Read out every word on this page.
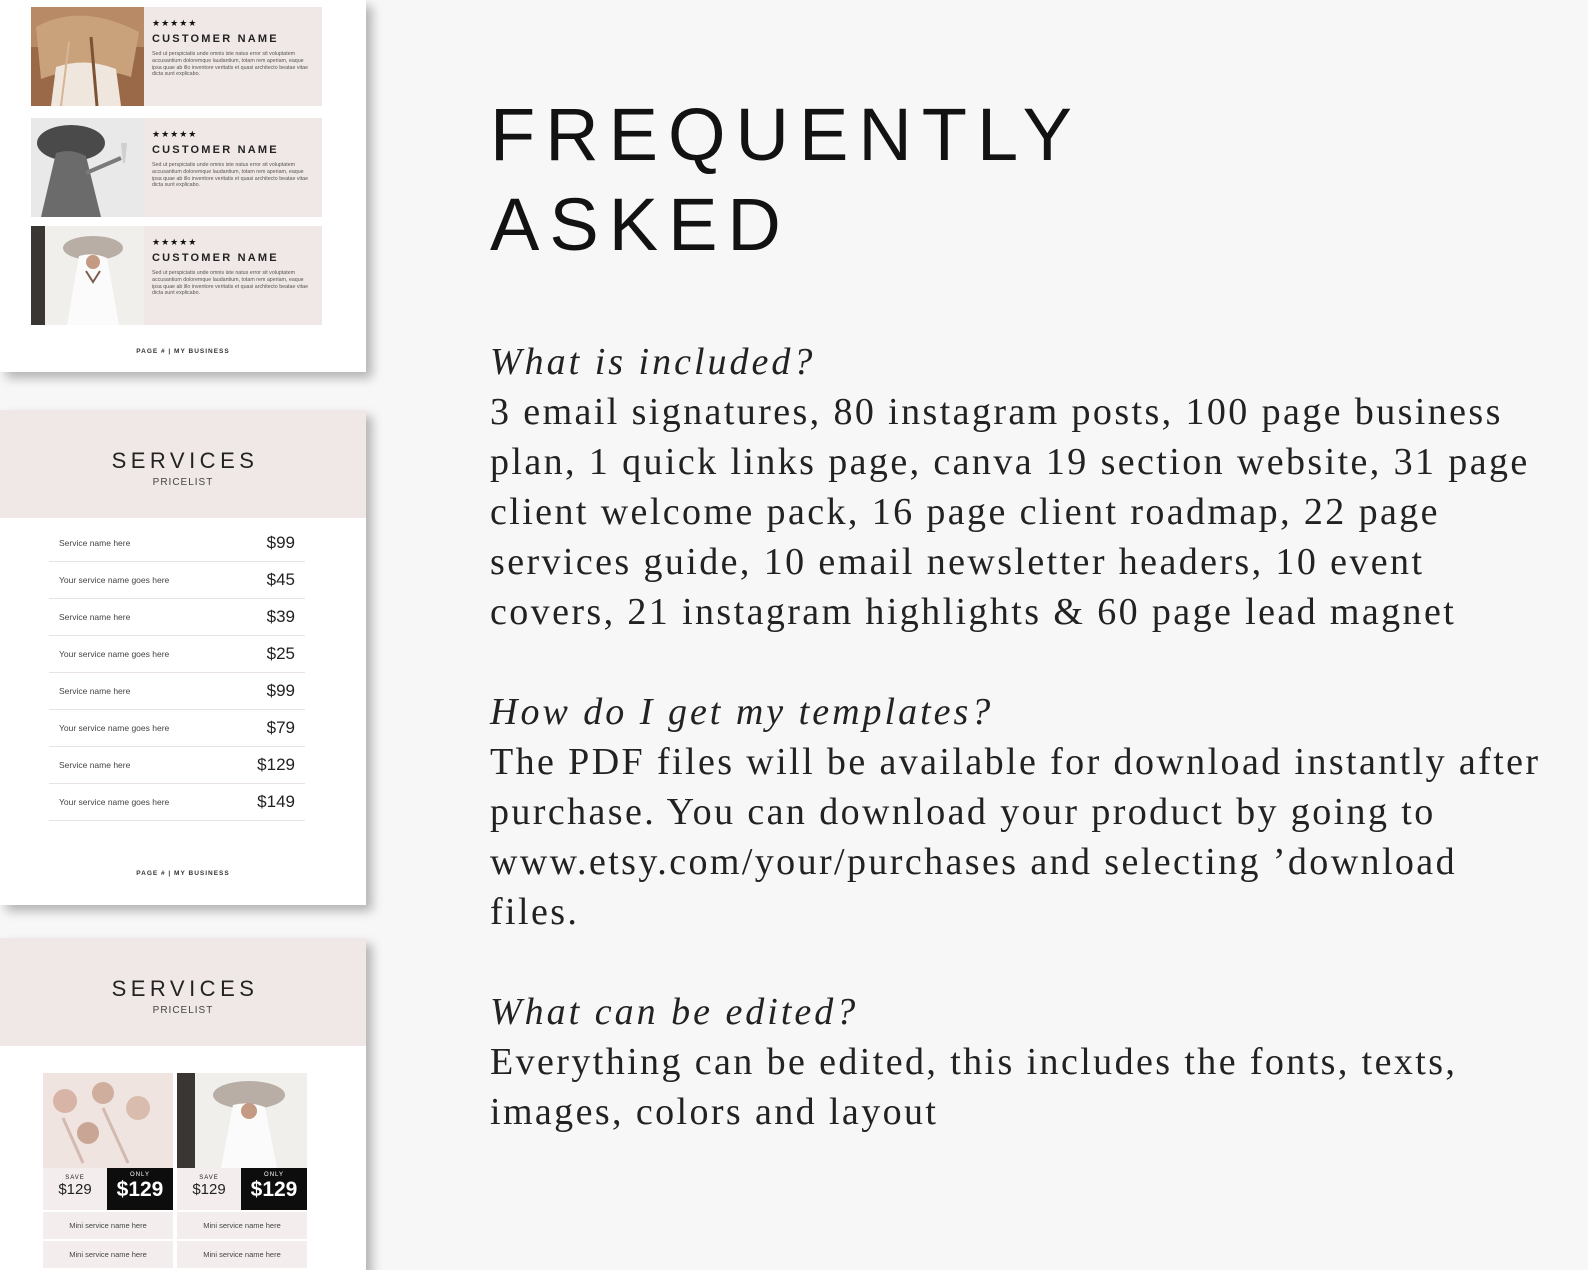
★★★★★
CUSTOMER NAME
Sed ut perspiciatis unde omnis iste natus error sit voluptatem accusantium doloremque laudantium, totam rem aperiam, eaque ipsa quae ab illo inventore veritatis et quasi architecto beatae vitae dicta sunt explicabo.
★★★★★
CUSTOMER NAME
Sed ut perspiciatis unde omnis iste natus error sit voluptatem accusantium doloremque laudantium, totam rem aperiam, eaque ipsa quae ab illo inventore veritatis et quasi architecto beatae vitae dicta sunt explicabo.
★★★★★
CUSTOMER NAME
Sed ut perspiciatis unde omnis iste natus error sit voluptatem accusantium doloremque laudantium, totam rem aperiam, eaque ipsa quae ab illo inventore veritatis et quasi architecto beatae vitae dicta sunt explicabo.
PAGE # | MY BUSINESS
SERVICES
PRICELIST
Service name here	$99
Your service name goes here	$45
Service name here	$39
Your service name goes here	$25
Service name here	$99
Your service name goes here	$79
Service name here	$129
Your service name goes here	$149
PAGE # | MY BUSINESS
SERVICES
PRICELIST
SAVE
$129
ONLY
$129
Mini service name here
Mini service name here
SAVE
$129
ONLY
$129
Mini service name here
Mini service name here
FREQUENTLY
ASKED
What is included?
3 email signatures, 80 instagram posts, 100 page business plan, 1 quick links page, canva 19 section website, 31 page client welcome pack, 16 page client roadmap, 22 page services guide, 10 email newsletter headers, 10 event covers, 21 instagram highlights & 60 page lead magnet
How do I get my templates?
The PDF files will be available for download instantly after purchase. You can download your product by going to www.etsy.com/your/purchases and selecting ’download files.
What can be edited?
Everything can be edited, this includes the fonts, texts, images, colors and layout
